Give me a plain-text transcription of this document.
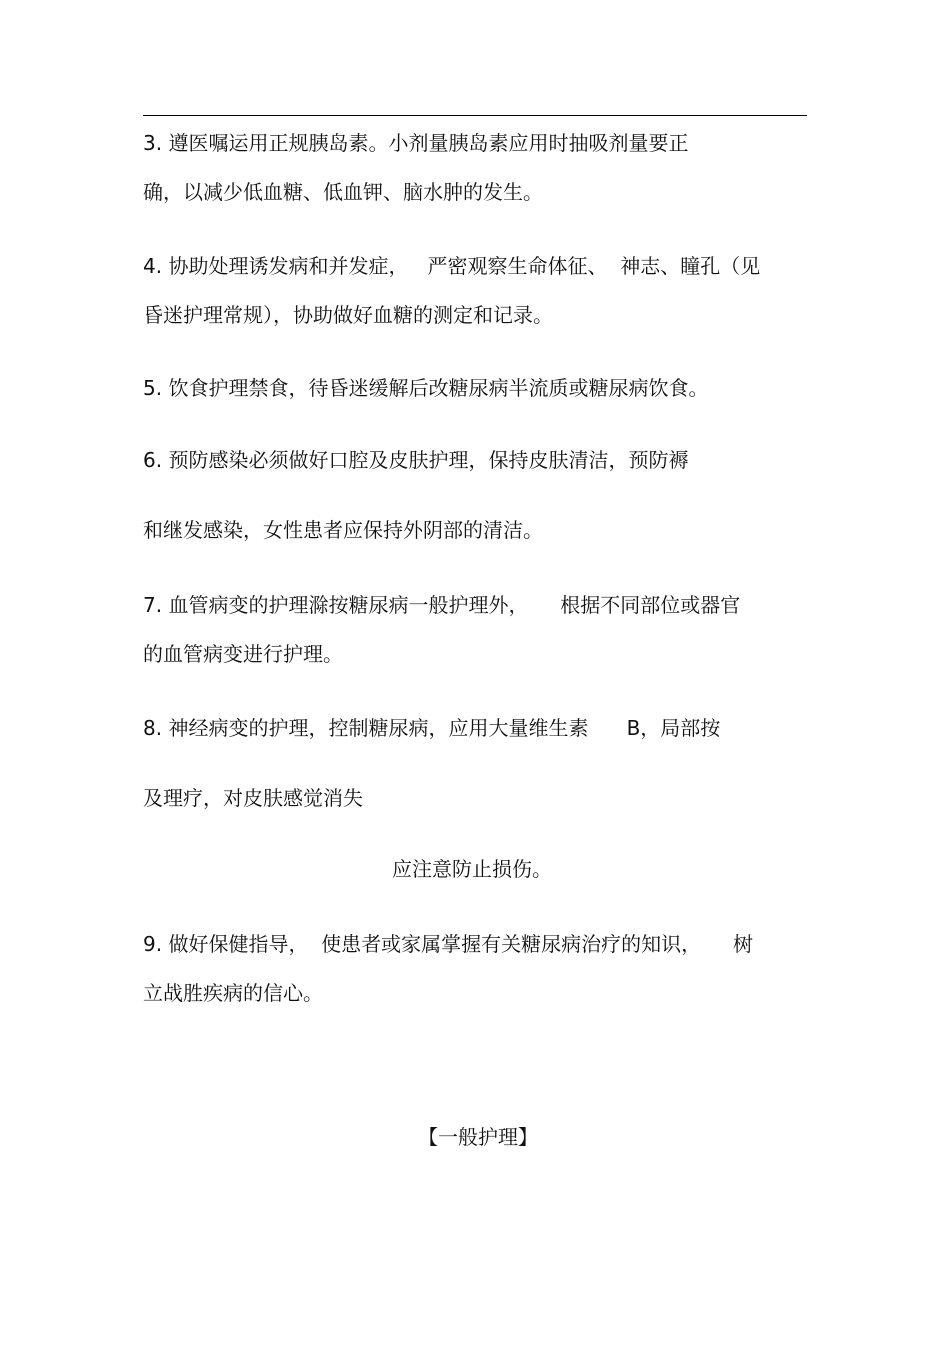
3. 遵医嘱运用正规胰岛素。小剂量胰岛素应用时抽吸剂量要正
确，以减少低血糖、低血钾、脑水肿的发生。
4. 协助处理诱发病和并发症，   严密观察生命体征、  神志、瞳孔（见
昏迷护理常规），协助做好血糖的测定和记录。
5. 饮食护理禁食，待昏迷缓解后改糖尿病半流质或糖尿病饮食。
6. 预防感染必须做好口腔及皮肤护理，保持皮肤清洁，预防褥
和继发感染，女性患者应保持外阴部的清洁。
7. 血管病变的护理滁按糖尿病一般护理外，     根据不同部位或器官
的血管病变进行护理。
8. 神经病变的护理，控制糖尿病，应用大量维生素      B，局部按
及理疗，对皮肤感觉消失
应注意防止损伤。
9. 做好保健指导，  使患者或家属掌握有关糖尿病治疗的知识，     树
立战胜疾病的信心。
【一般护理】
